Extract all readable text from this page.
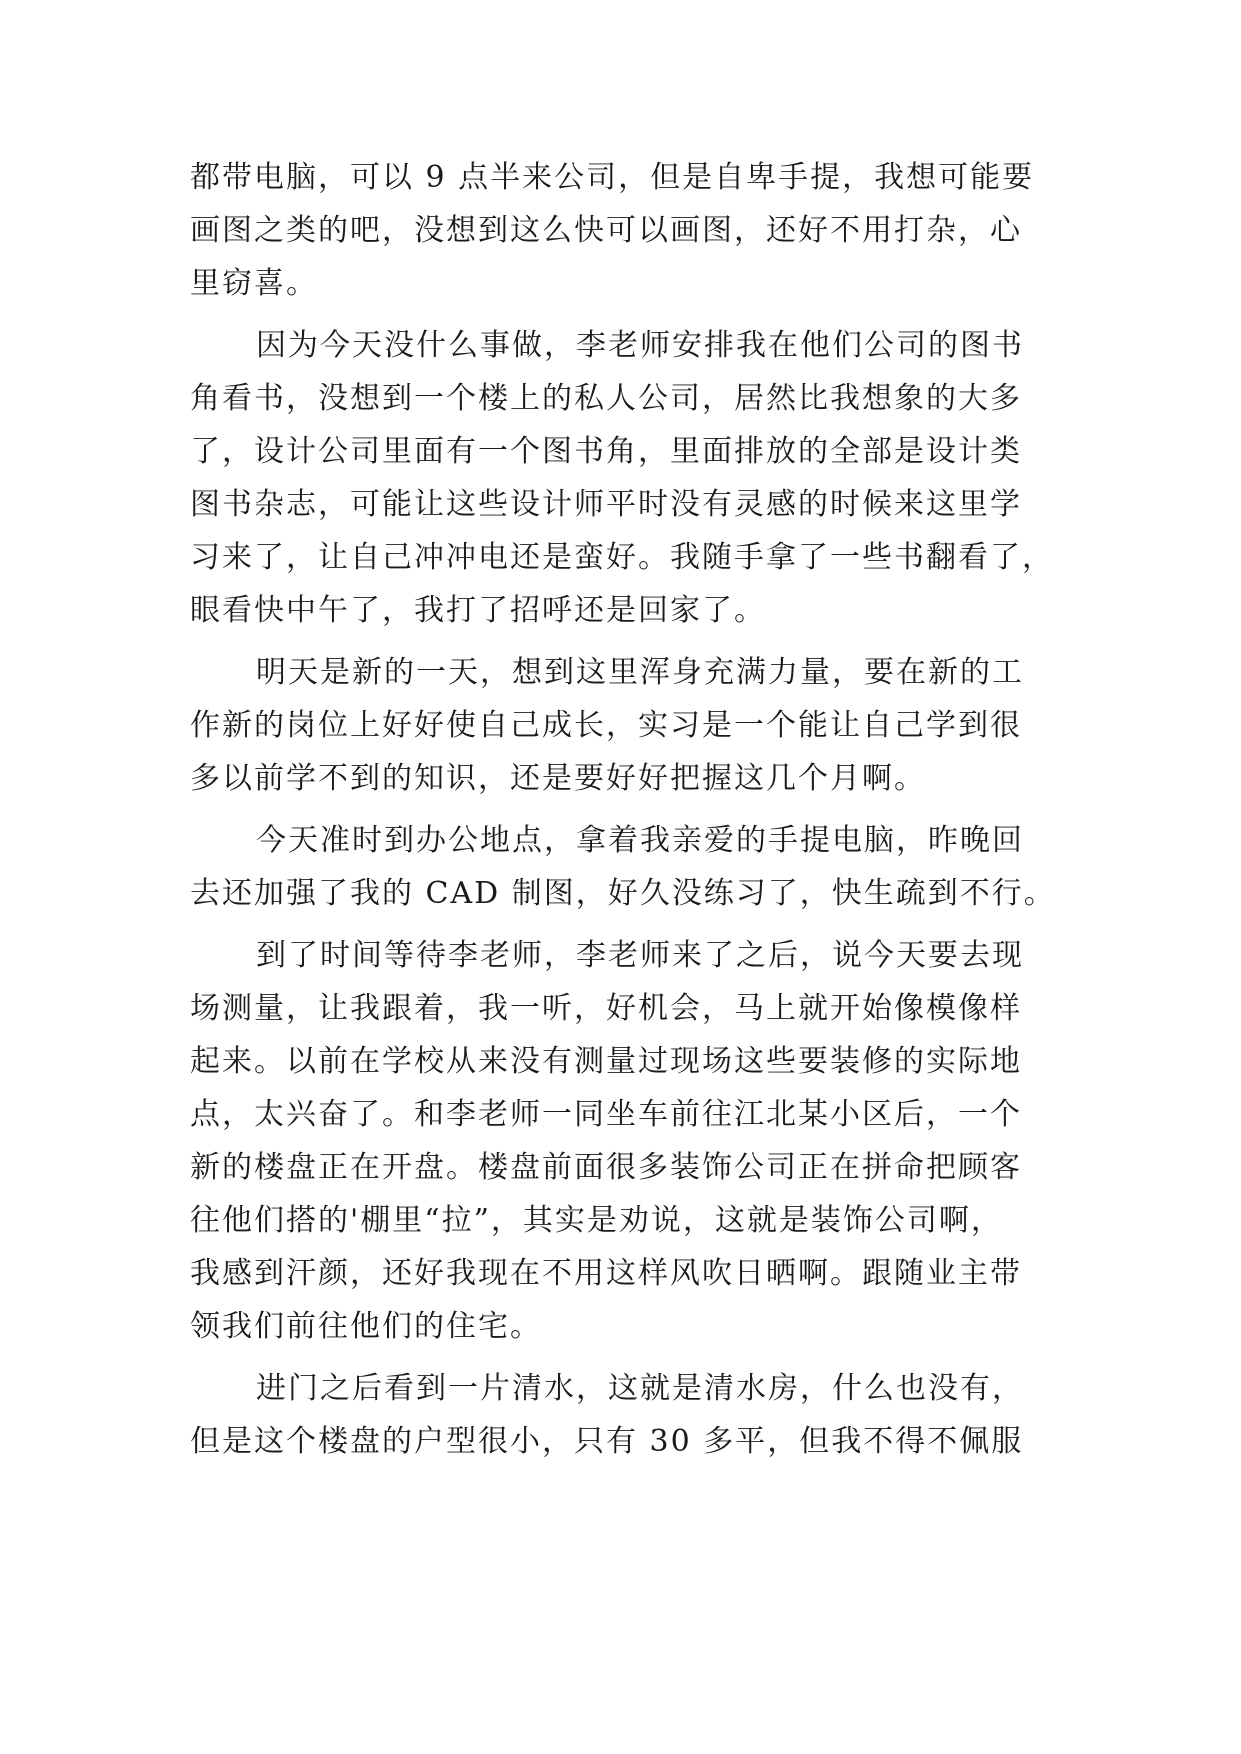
都带电脑，可以 9 点半来公司，但是自卑手提，我想可能要
画图之类的吧，没想到这么快可以画图，还好不用打杂，心
里窃喜。
因为今天没什么事做，李老师安排我在他们公司的图书
角看书，没想到一个楼上的私人公司，居然比我想象的大多
了，设计公司里面有一个图书角，里面排放的全部是设计类
图书杂志，可能让这些设计师平时没有灵感的时候来这里学
习来了，让自己冲冲电还是蛮好。我随手拿了一些书翻看了，
眼看快中午了，我打了招呼还是回家了。
明天是新的一天，想到这里浑身充满力量，要在新的工
作新的岗位上好好使自己成长，实习是一个能让自己学到很
多以前学不到的知识，还是要好好把握这几个月啊。
今天准时到办公地点，拿着我亲爱的手提电脑，昨晚回
去还加强了我的 CAD 制图，好久没练习了，快生疏到不行。
到了时间等待李老师，李老师来了之后，说今天要去现
场测量，让我跟着，我一听，好机会，马上就开始像模像样
起来。以前在学校从来没有测量过现场这些要装修的实际地
点，太兴奋了。和李老师一同坐车前往江北某小区后，一个
新的楼盘正在开盘。楼盘前面很多装饰公司正在拼命把顾客
往他们搭的'棚里“拉”，其实是劝说，这就是装饰公司啊，
我感到汗颜，还好我现在不用这样风吹日晒啊。跟随业主带
领我们前往他们的住宅。
进门之后看到一片清水，这就是清水房，什么也没有，
但是这个楼盘的户型很小，只有 30 多平，但我不得不佩服
